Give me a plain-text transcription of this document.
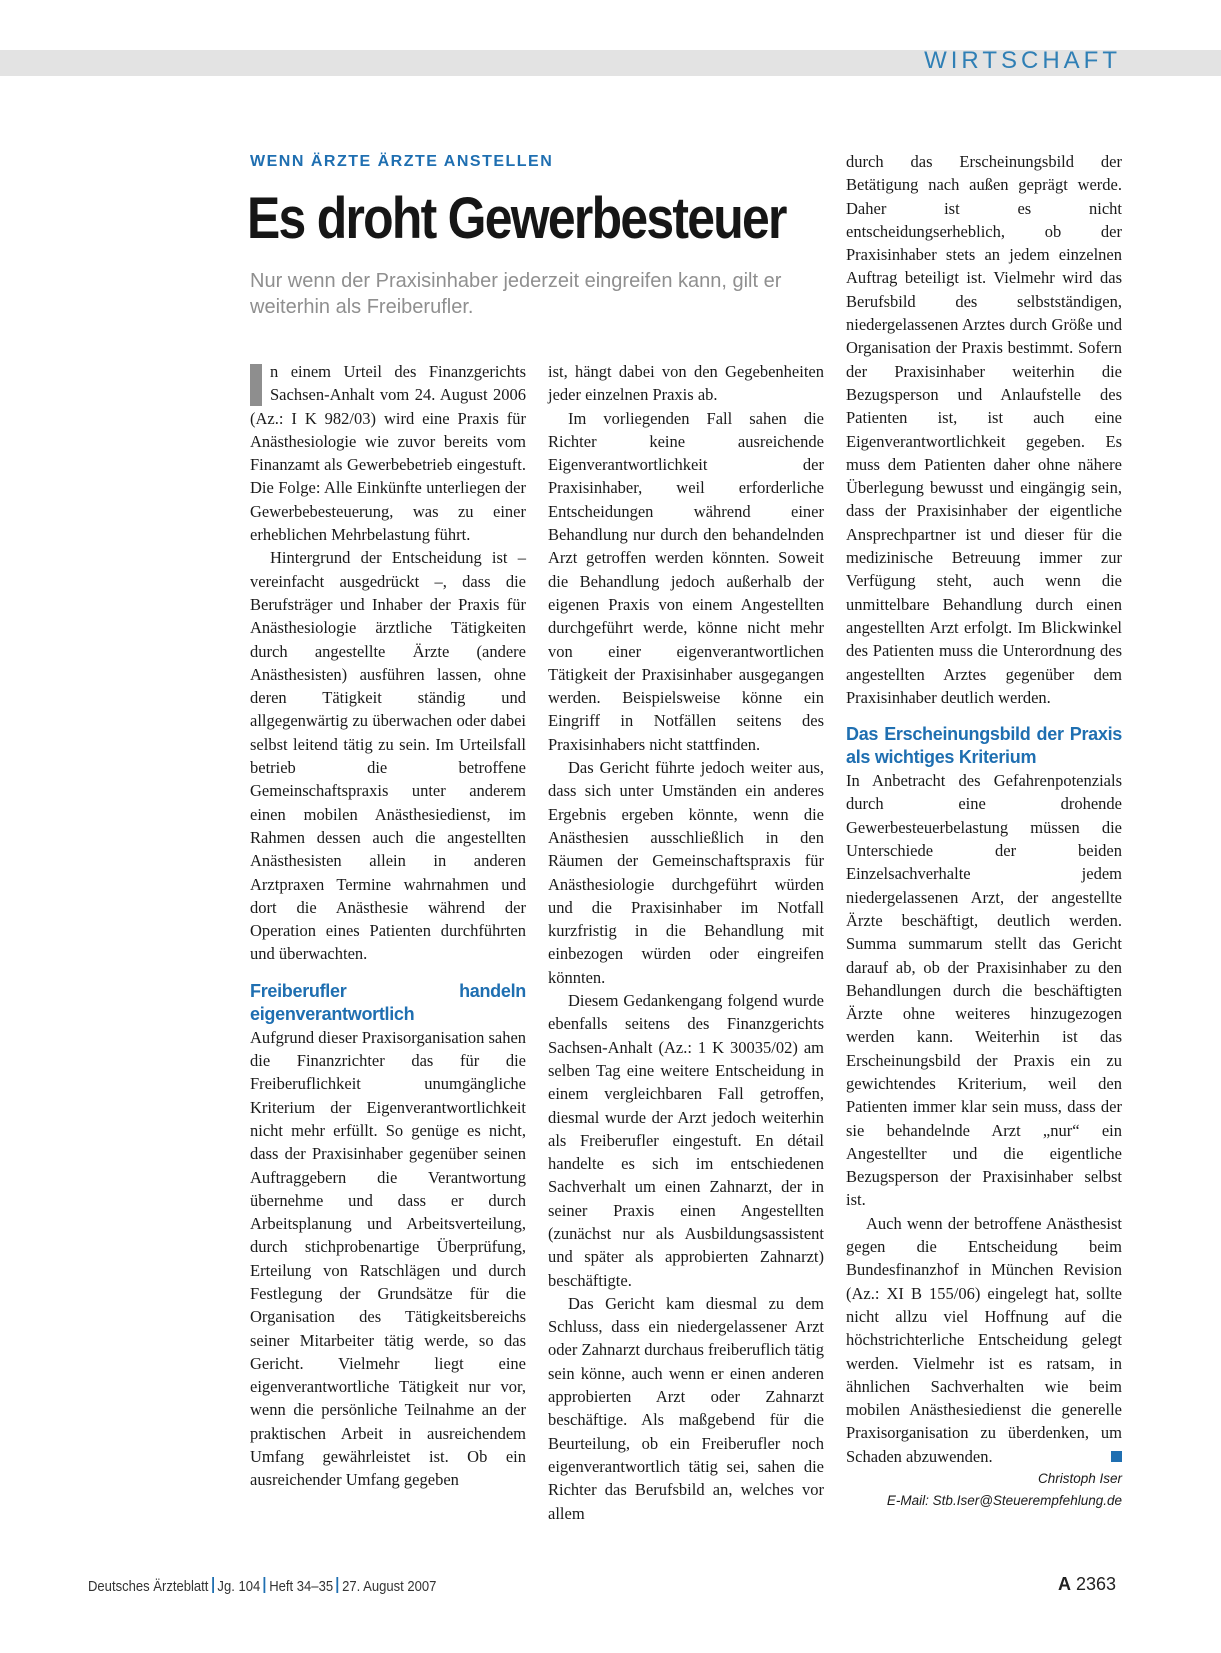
WIRTSCHAFT
WENN ÄRZTE ÄRZTE ANSTELLEN
Es droht Gewerbesteuer
Nur wenn der Praxisinhaber jederzeit eingreifen kann, gilt er weiterhin als Freiberufler.

n einem Urteil des Finanzgerichts Sachsen-Anhalt vom 24. August 2006 (Az.: I K 982/03) wird eine Praxis für Anästhesiologie wie zuvor bereits vom Finanzamt als Gewerbebetrieb eingestuft. Die Folge: Alle Einkünfte unterliegen der Gewerbebesteuerung, was zu einer erheblichen Mehrbelastung führt.

Hintergrund der Entscheidung ist – vereinfacht ausgedrückt –, dass die Berufsträger und Inhaber der Praxis für Anästhesiologie ärztliche Tätigkeiten durch angestellte Ärzte (andere Anästhesisten) ausführen lassen, ohne deren Tätigkeit ständig und allgegenwärtig zu überwachen oder dabei selbst leitend tätig zu sein. Im Urteilsfall betrieb die betroffene Gemeinschaftspraxis unter anderem einen mobilen Anästhesiedienst, im Rahmen dessen auch die angestellten Anästhesisten allein in anderen Arztpraxen Termine wahrnahmen und dort die Anästhesie während der Operation eines Patienten durchführten und überwachten.

Freiberufler handeln eigenverantwortlich

Aufgrund dieser Praxisorganisation sahen die Finanzrichter das für die Freiberuflichkeit unumgängliche Kriterium der Eigenverantwortlichkeit nicht mehr erfüllt. So genüge es nicht, dass der Praxisinhaber gegenüber seinen Auftraggebern die Verantwortung übernehme und dass er durch Arbeitsplanung und Arbeitsverteilung, durch stichprobenartige Überprüfung, Erteilung von Ratschlägen und durch Festlegung der Grundsätze für die Organisation des Tätigkeitsbereichs seiner Mitarbeiter tätig werde, so das Gericht. Vielmehr liegt eine eigenverantwortliche Tätigkeit nur vor, wenn die persönliche Teilnahme an der praktischen Arbeit in ausreichendem Umfang gewährleistet ist. Ob ein ausreichender Umfang gegeben

ist, hängt dabei von den Gegebenheiten jeder einzelnen Praxis ab.

Im vorliegenden Fall sahen die Richter keine ausreichende Eigenverantwortlichkeit der Praxisinhaber, weil erforderliche Entscheidungen während einer Behandlung nur durch den behandelnden Arzt getroffen werden könnten. Soweit die Behandlung jedoch außerhalb der eigenen Praxis von einem Angestellten durchgeführt werde, könne nicht mehr von einer eigenverantwortlichen Tätigkeit der Praxisinhaber ausgegangen werden. Beispielsweise könne ein Eingriff in Notfällen seitens des Praxisinhabers nicht stattfinden.

Das Gericht führte jedoch weiter aus, dass sich unter Umständen ein anderes Ergebnis ergeben könnte, wenn die Anästhesien ausschließlich in den Räumen der Gemeinschaftspraxis für Anästhesiologie durchgeführt würden und die Praxisinhaber im Notfall kurzfristig in die Behandlung mit einbezogen würden oder eingreifen könnten.

Diesem Gedankengang folgend wurde ebenfalls seitens des Finanzgerichts Sachsen-Anhalt (Az.: 1 K 30035/02) am selben Tag eine weitere Entscheidung in einem vergleichbaren Fall getroffen, diesmal wurde der Arzt jedoch weiterhin als Freiberufler eingestuft. En détail handelte es sich im entschiedenen Sachverhalt um einen Zahnarzt, der in seiner Praxis einen Angestellten (zunächst nur als Ausbildungsassistent und später als approbierten Zahnarzt) beschäftigte.

Das Gericht kam diesmal zu dem Schluss, dass ein niedergelassener Arzt oder Zahnarzt durchaus freiberuflich tätig sein könne, auch wenn er einen anderen approbierten Arzt oder Zahnarzt beschäftige. Als maßgebend für die Beurteilung, ob ein Freiberufler noch eigenverantwortlich tätig sei, sahen die Richter das Berufsbild an, welches vor allem

durch das Erscheinungsbild der Betätigung nach außen geprägt werde. Daher ist es nicht entscheidungserheblich, ob der Praxisinhaber stets an jedem einzelnen Auftrag beteiligt ist. Vielmehr wird das Berufsbild des selbstständigen, niedergelassenen Arztes durch Größe und Organisation der Praxis bestimmt. Sofern der Praxisinhaber weiterhin die Bezugsperson und Anlaufstelle des Patienten ist, ist auch eine Eigenverantwortlichkeit gegeben. Es muss dem Patienten daher ohne nähere Überlegung bewusst und eingängig sein, dass der Praxisinhaber der eigentliche Ansprechpartner ist und dieser für die medizinische Betreuung immer zur Verfügung steht, auch wenn die unmittelbare Behandlung durch einen angestellten Arzt erfolgt. Im Blickwinkel des Patienten muss die Unterordnung des angestellten Arztes gegenüber dem Praxisinhaber deutlich werden.

Das Erscheinungsbild der Praxis als wichtiges Kriterium

In Anbetracht des Gefahrenpotenzials durch eine drohende Gewerbesteuerbelastung müssen die Unterschiede der beiden Einzelsachverhalte jedem niedergelassenen Arzt, der angestellte Ärzte beschäftigt, deutlich werden. Summa summarum stellt das Gericht darauf ab, ob der Praxisinhaber zu den Behandlungen durch die beschäftigten Ärzte ohne weiteres hinzugezogen werden kann. Weiterhin ist das Erscheinungsbild der Praxis ein zu gewichtendes Kriterium, weil den Patienten immer klar sein muss, dass der sie behandelnde Arzt „nur“ ein Angestellter und die eigentliche Bezugsperson der Praxisinhaber selbst ist.

Auch wenn der betroffene Anästhesist gegen die Entscheidung beim Bundesfinanzhof in München Revision (Az.: XI B 155/06) eingelegt hat, sollte nicht allzu viel Hoffnung auf die höchstrichterliche Entscheidung gelegt werden. Vielmehr ist es ratsam, in ähnlichen Sachverhalten wie beim mobilen Anästhesiedienst die generelle Praxisorganisation zu überdenken, um Schaden abzuwenden.

Christoph Iser
E-Mail: Stb.Iser@Steuerempfehlung.de
Deutsches Ärzteblatt Jg. 104 Heft 34–35 27. August 2007	A 2363
